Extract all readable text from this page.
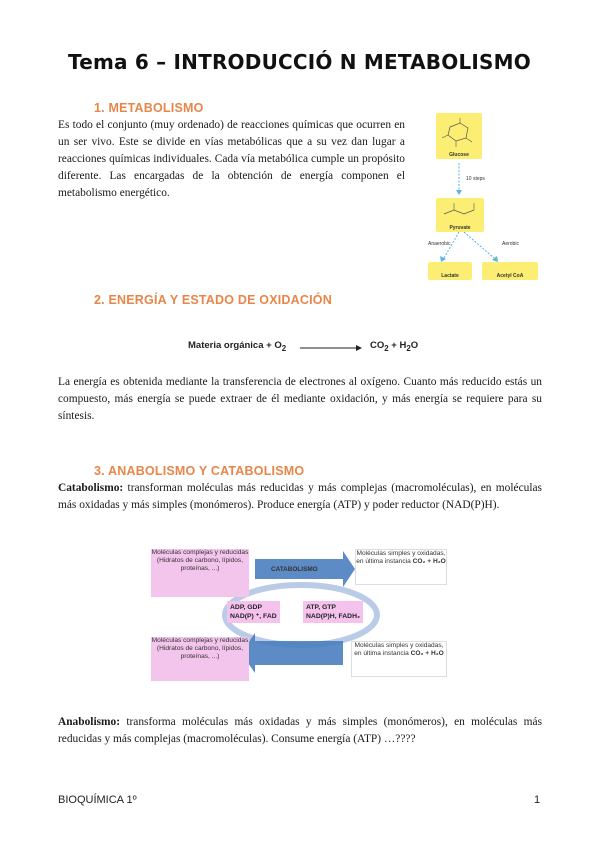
Tema 6 – INTRODUCCIÓ N METABOLISMO
1. METABOLISMO
Es todo el conjunto (muy ordenado) de reacciones químicas que ocurren en un ser vivo. Este se divide en vías metabólicas que a su vez dan lugar a reacciones químicas individuales. Cada vía metabólica cumple un propósito diferente. Las encargadas de la obtención de energía componen el metabolismo energético.
Glucose
10 steps
Pyruvate
Anaerobic	Aerobic
Lactate	Acetyl CoA
2. ENERGÍA Y ESTADO DE OXIDACIÓN
Materia orgánica + $O_2$	$CO_2 + H_2O$
La energía es obtenida mediante la transferencia de electrones al oxígeno. Cuanto más reducido estás un compuesto, más energía se puede extraer de él mediante oxidación, y más energía se requiere para su síntesis.
3. ANABOLISMO Y CATABOLISMO
Catabolismo: transforman moléculas más reducidas y más complejas (macromoléculas), en moléculas más oxidadas y más simples (monómeros). Produce energía (ATP) y poder reductor (NAD(P)H).
Moléculas complejas y reducidas (Hidratos de carbono, lípidos, proteínas, ...)	CATABOLISMO
Moléculas simples y oxidadas, en última instancia CO₂ + H₂O
ADP, GDP
NAD(P) ⁺, FAD
ATP, GTP
NAD(P)H, FADH₂
Moléculas complejas y reducidas (Hidratos de carbono, lípidos, proteínas, ...)
Moléculas simples y oxidadas, en última instancia CO₂ + H₂O
Anabolismo: transforma moléculas más oxidadas y más simples (monómeros), en moléculas más reducidas y más complejas (macromoléculas). Consume energía (ATP) …????
BIOQUÍMICA 1º	1
